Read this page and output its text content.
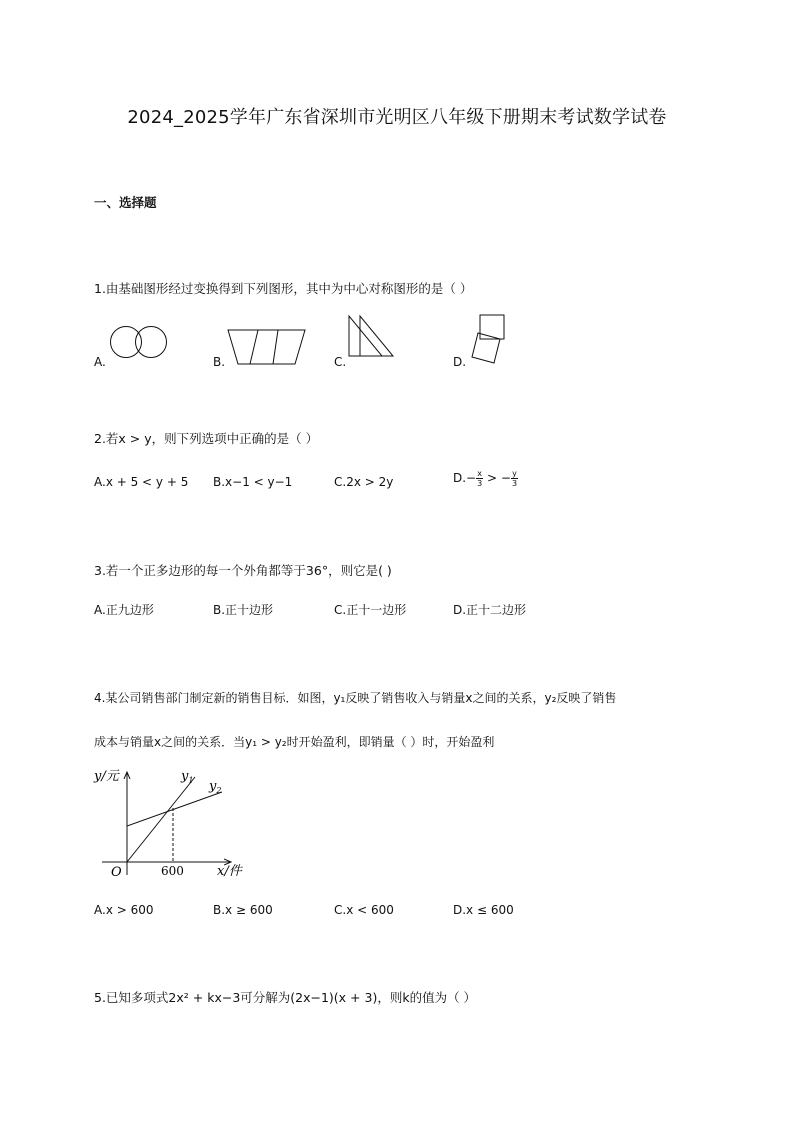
2024_2025学年广东省深圳市光明区八年级下册期末考试数学试卷
一、选择题
1.由基础图形经过变换得到下列图形，其中为中心对称图形的是（ ）
A.	B.	C.	D.
2.若x > y，则下列选项中正确的是（ ）
A.x + 5 < y + 5 B.x−1 < y−1	C.2x > 2y	$D.- \frac{x}{3}$ > − $\frac{y}{3}$
3.若一个正多边形的每一个外角都等于36°，则它是( )
A.正九边形	B.正十边形	C.正十一边形	D.正十二边形
4.某公司销售部门制定新的销售目标．如图，y₁反映了销售收入与销量x之间的关系，y₂反映了销售
成本与销量x之间的关系．当y₁ > y₂时开始盈利，即销量（ ）时，开始盈利
y/元
x/件
O	600
$y_1$ $y_2$
A.x > 600	B.x ≥ 600	C.x < 600	D.x ≤ 600
5.已知多项式2x² + kx−3可分解为(2x−1)(x + 3)，则k的值为（ ）
